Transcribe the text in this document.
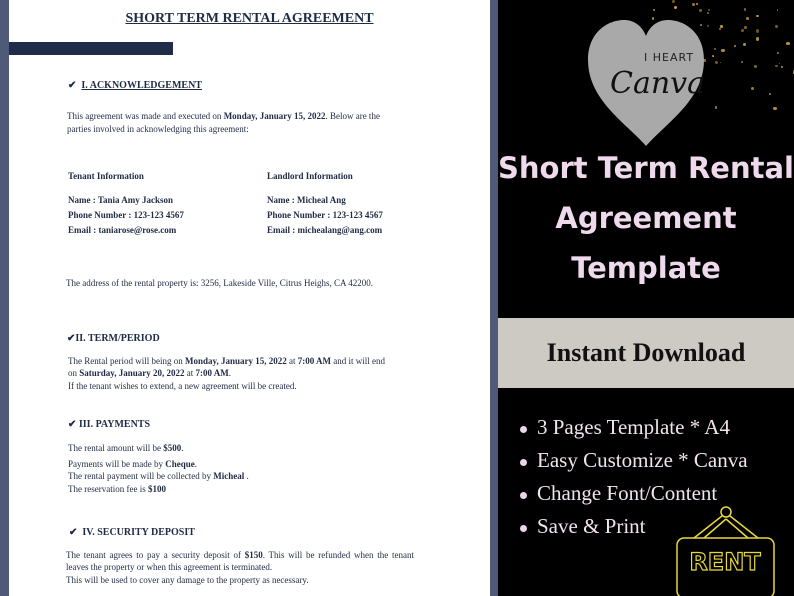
SHORT TERM RENTAL AGREEMENT
✔ I. ACKNOWLEDGEMENT
This agreement was made and executed on Monday, January 15, 2022. Below are the
parties involved in acknowledging this agreement:
Tenant Information
Name : Tania Amy Jackson
Phone Number : 123-123 4567
Email : taniarose@rose.com
Landlord Information
Name : Micheal Ang
Phone Number : 123-123 4567
Email : michealang@ang.com
The address of the rental property is: 3256, Lakeside Ville, Citrus Heighs, CA 42200.
✔II. TERM/PERIOD
The Rental period will being on Monday, January 15, 2022 at 7:00 AM and it will end
on Saturday, January 20, 2022 at 7:00 AM.
If the tenant wishes to extend, a new agreement will be created.
✔ III. PAYMENTS
The rental amount will be $500.
Payments will be made by Cheque.
The rental payment will be collected by Micheal .
The reservation fee is $100
✔ IV. SECURITY DEPOSIT
The tenant agrees to pay a security deposit of $150. This will be refunded when the tenant
leaves the property or when this agreement is terminated.
This will be used to cover any damage to the property as necessary.
I HEART
Canva
Short Term Rental
Agreement
Template
Instant Download
3 Pages Template * A4
Easy Customize * Canva
Change Font/Content
Save & Print
RENT
